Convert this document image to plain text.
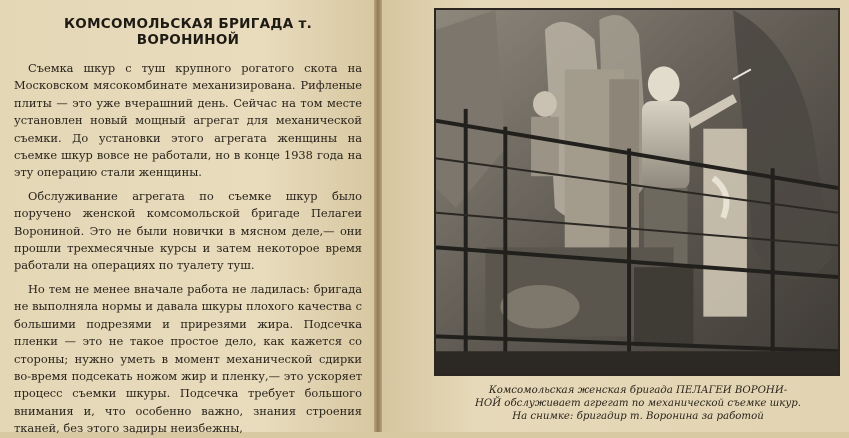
КОМСОМОЛЬСКАЯ БРИГАДА т. ВОРОНИНОЙ

Съемка шкур с туш крупного рогатого скота на Московском мясокомбинате механизирована. Рифленые плиты — это уже вчерашний день. Сейчас на том месте установлен новый мощный агрегат для механической съемки. До установки этого агрегата женщины на съемке шкур вовсе не работали, но в конце 1938 года на эту операцию стали женщины.

Обслуживание агрегата по съемке шкур было поручено женской комсомольской бригаде Пелагеи Ворониной. Это не были новички в мясном деле,— они прошли трехмесячные курсы и затем некоторое время работали на операциях по туалету туш.

Но тем не менее вначале работа не ладилась: бригада не выполняла нормы и давала шкуры плохого качества с большими подрезями и прирезями жира. Подсечка пленки — это не такое простое дело, как кажется со стороны; нужно уметь в момент механической сдирки во-время подсекать ножом жир и пленку,— это ускоряет процесс съемки шкуры. Подсечка требует большого внимания и, что особенно важно, знания строения тканей, без этого задиры неизбежны,

Комсомольская женская бригада ПЕЛАГЕИ ВОРОНИ-
НОЙ обслуживает агрегат по механической съемке шкур.
На снимке: бригадир т. Воронина за работой
